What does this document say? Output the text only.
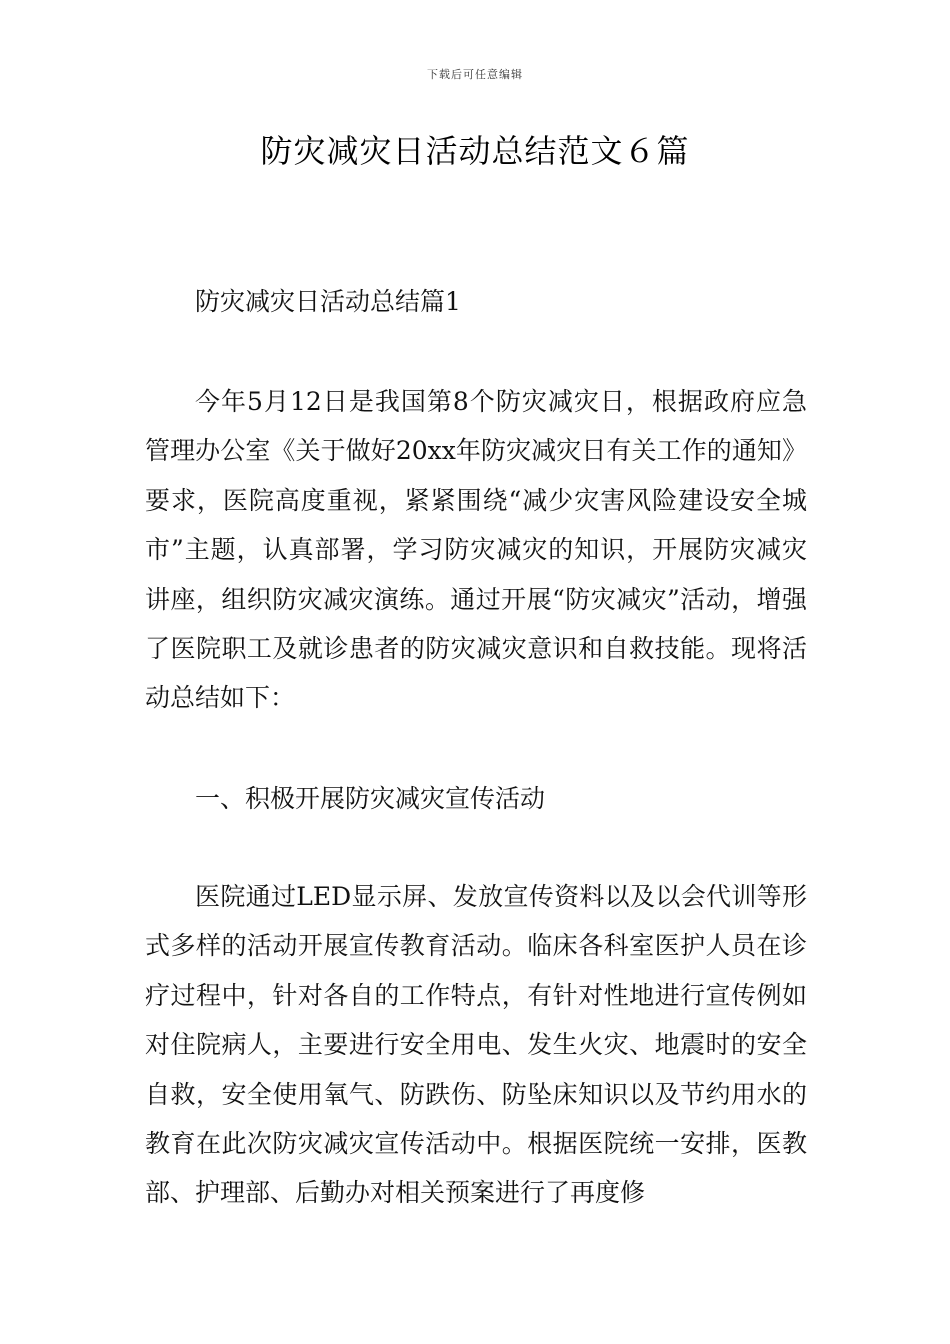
下载后可任意编辑
防灾减灾日活动总结范文６篇

防灾减灾日活动总结篇1

今年5月12日是我国第8个防灾减灾日，根据政府应急管理办公室《关于做好20xx年防灾减灾日有关工作的通知》要求，医院高度重视，紧紧围绕“减少灾害风险建设安全城市”主题，认真部署，学习防灾减灾的知识，开展防灾减灾讲座，组织防灾减灾演练。通过开展“防灾减灾”活动，增强了医院职工及就诊患者的防灾减灾意识和自救技能。现将活动总结如下：

一、积极开展防灾减灾宣传活动

医院通过LED显示屏、发放宣传资料以及以会代训等形式多样的活动开展宣传教育活动。临床各科室医护人员在诊疗过程中，针对各自的工作特点，有针对性地进行宣传例如对住院病人，主要进行安全用电、发生火灾、地震时的安全自救，安全使用氧气、防跌伤、防坠床知识以及节约用水的教育在此次防灾减灾宣传活动中。根据医院统一安排，医教部、护理部、后勤办对相关预案进行了再度修
